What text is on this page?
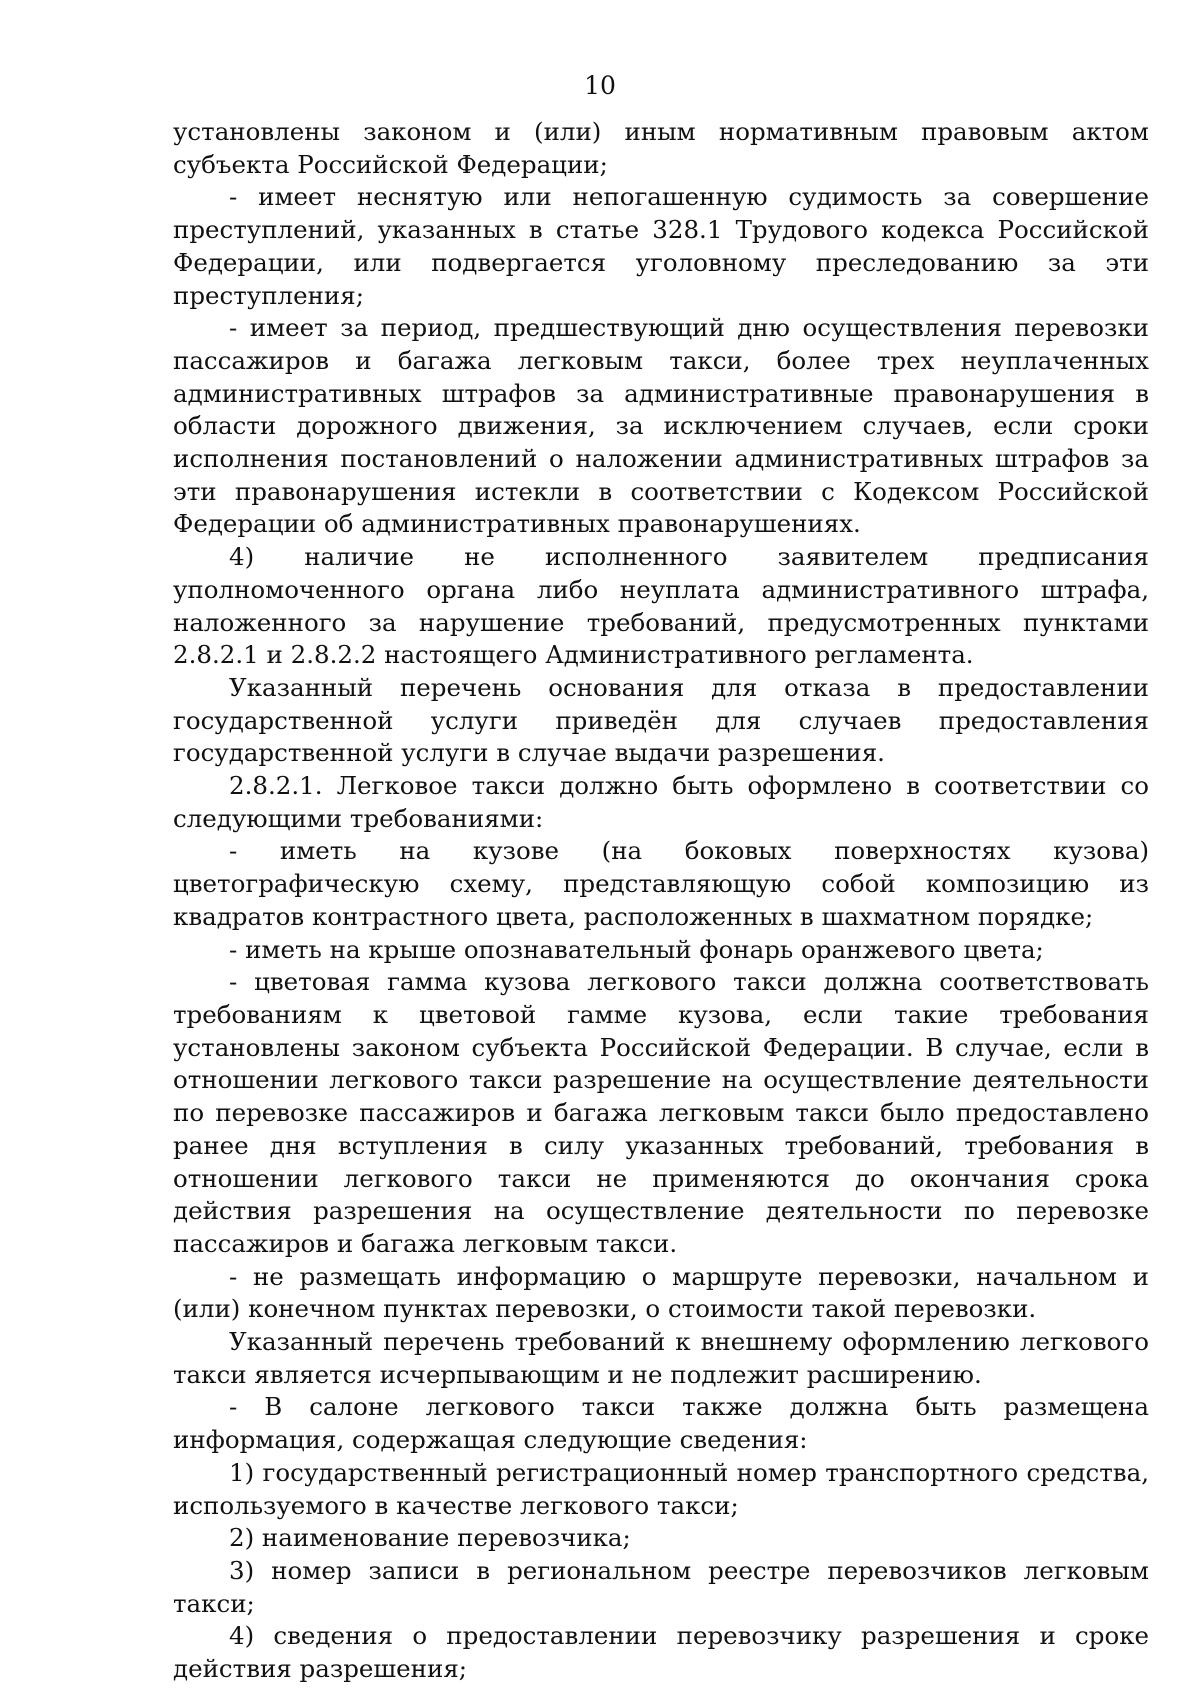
10

установлены законом и (или) иным нормативным правовым актом субъекта Российской Федерации;

- имеет неснятую или непогашенную судимость за совершение преступлений, указанных в статье 328.1 Трудового кодекса Российской Федерации, или подвергается уголовному преследованию за эти преступления;

- имеет за период, предшествующий дню осуществления перевозки пассажиров и багажа легковым такси, более трех неуплаченных административных штрафов за административные правонарушения в области дорожного движения, за исключением случаев, если сроки исполнения постановлений о наложении административных штрафов за эти правонарушения истекли в соответствии с Кодексом Российской Федерации об административных правонарушениях.

4) наличие не исполненного заявителем предписания уполномоченного органа либо неуплата административного штрафа, наложенного за нарушение требований, предусмотренных пунктами 2.8.2.1 и 2.8.2.2 настоящего Административного регламента.

Указанный перечень основания для отказа в предоставлении государственной услуги приведён для случаев предоставления государственной услуги в случае выдачи разрешения.

2.8.2.1. Легковое такси должно быть оформлено в соответствии со следующими требованиями:

- иметь на кузове (на боковых поверхностях кузова) цветографическую схему, представляющую собой композицию из квадратов контрастного цвета, расположенных в шахматном порядке;

- иметь на крыше опознавательный фонарь оранжевого цвета;

- цветовая гамма кузова легкового такси должна соответствовать требованиям к цветовой гамме кузова, если такие требования установлены законом субъекта Российской Федерации. В случае, если в отношении легкового такси разрешение на осуществление деятельности по перевозке пассажиров и багажа легковым такси было предоставлено ранее дня вступления в силу указанных требований, требования в отношении легкового такси не применяются до окончания срока действия разрешения на осуществление деятельности по перевозке пассажиров и багажа легковым такси.

- не размещать информацию о маршруте перевозки, начальном и (или) конечном пунктах перевозки, о стоимости такой перевозки.

Указанный перечень требований к внешнему оформлению легкового такси является исчерпывающим и не подлежит расширению.

- В салоне легкового такси также должна быть размещена информация, содержащая следующие сведения:

1) государственный регистрационный номер транспортного средства, используемого в качестве легкового такси;

2) наименование перевозчика;

3) номер записи в региональном реестре перевозчиков легковым такси;

4) сведения о предоставлении перевозчику разрешения и сроке действия разрешения;
